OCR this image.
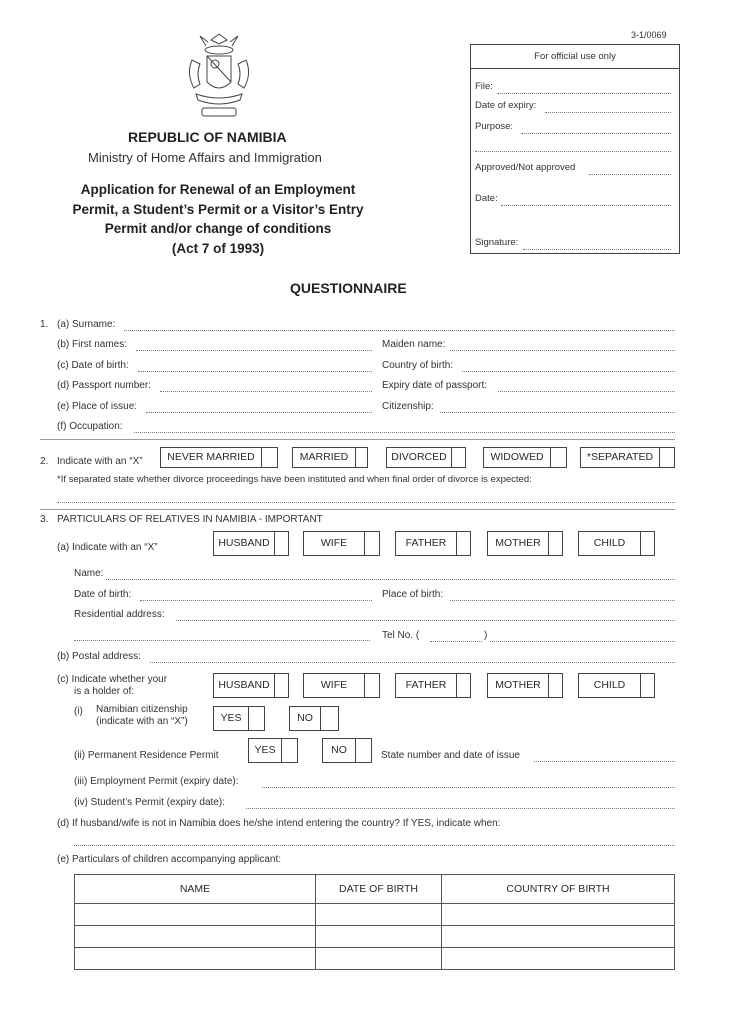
3-1/0069
REPUBLIC OF NAMIBIA
Ministry of Home Affairs and Immigration
Application for Renewal of an Employment
Permit, a Student’s Permit or a Visitor’s Entry
Permit and/or change of conditions
(Act 7 of 1993)
QUESTIONNAIRE
For official use only
File:
Date of expiry:
Purpose:
Approved/Not approved
Date:
Signature:
1. (a) Surname:
(b) First names:	Maiden name:
(c) Date of birth:	Country of birth:
(d) Passport number:	Expiry date of passport:
(e) Place of issue:	Citizenship:
(f) Occupation:
2. Indicate with an “X”	NEVER MARRIED	MARRIED	DIVORCED	WIDOWED	*SEPARATED
*If separated state whether divorce proceedings have been instituted and when final order of divorce is expected:
3. PARTICULARS OF RELATIVES IN NAMIBIA - IMPORTANT
(a) Indicate with an “X”	HUSBAND	WIFE	FATHER	MOTHER	CHILD
Name:
Date of birth:	Place of birth:
Residential address:
Tel No. (	)
(b) Postal address:
(c) Indicate whether your
is a holder of:
HUSBAND	WIFE	FATHER	MOTHER	CHILD
(i) Namibian citizenship
(indicate with an “X”)	YES	NO
(ii) Permanent Residence Permit	YES	NO	State number and date of issue
(iii) Employment Permit (expiry date):
(iv) Student’s Permit (expiry date):
(d) If husband/wife is not in Namibia does he/she intend entering the country? If YES, indicate when:
(e) Particulars of children accompanying applicant:
NAME	DATE OF BIRTH	COUNTRY OF BIRTH
